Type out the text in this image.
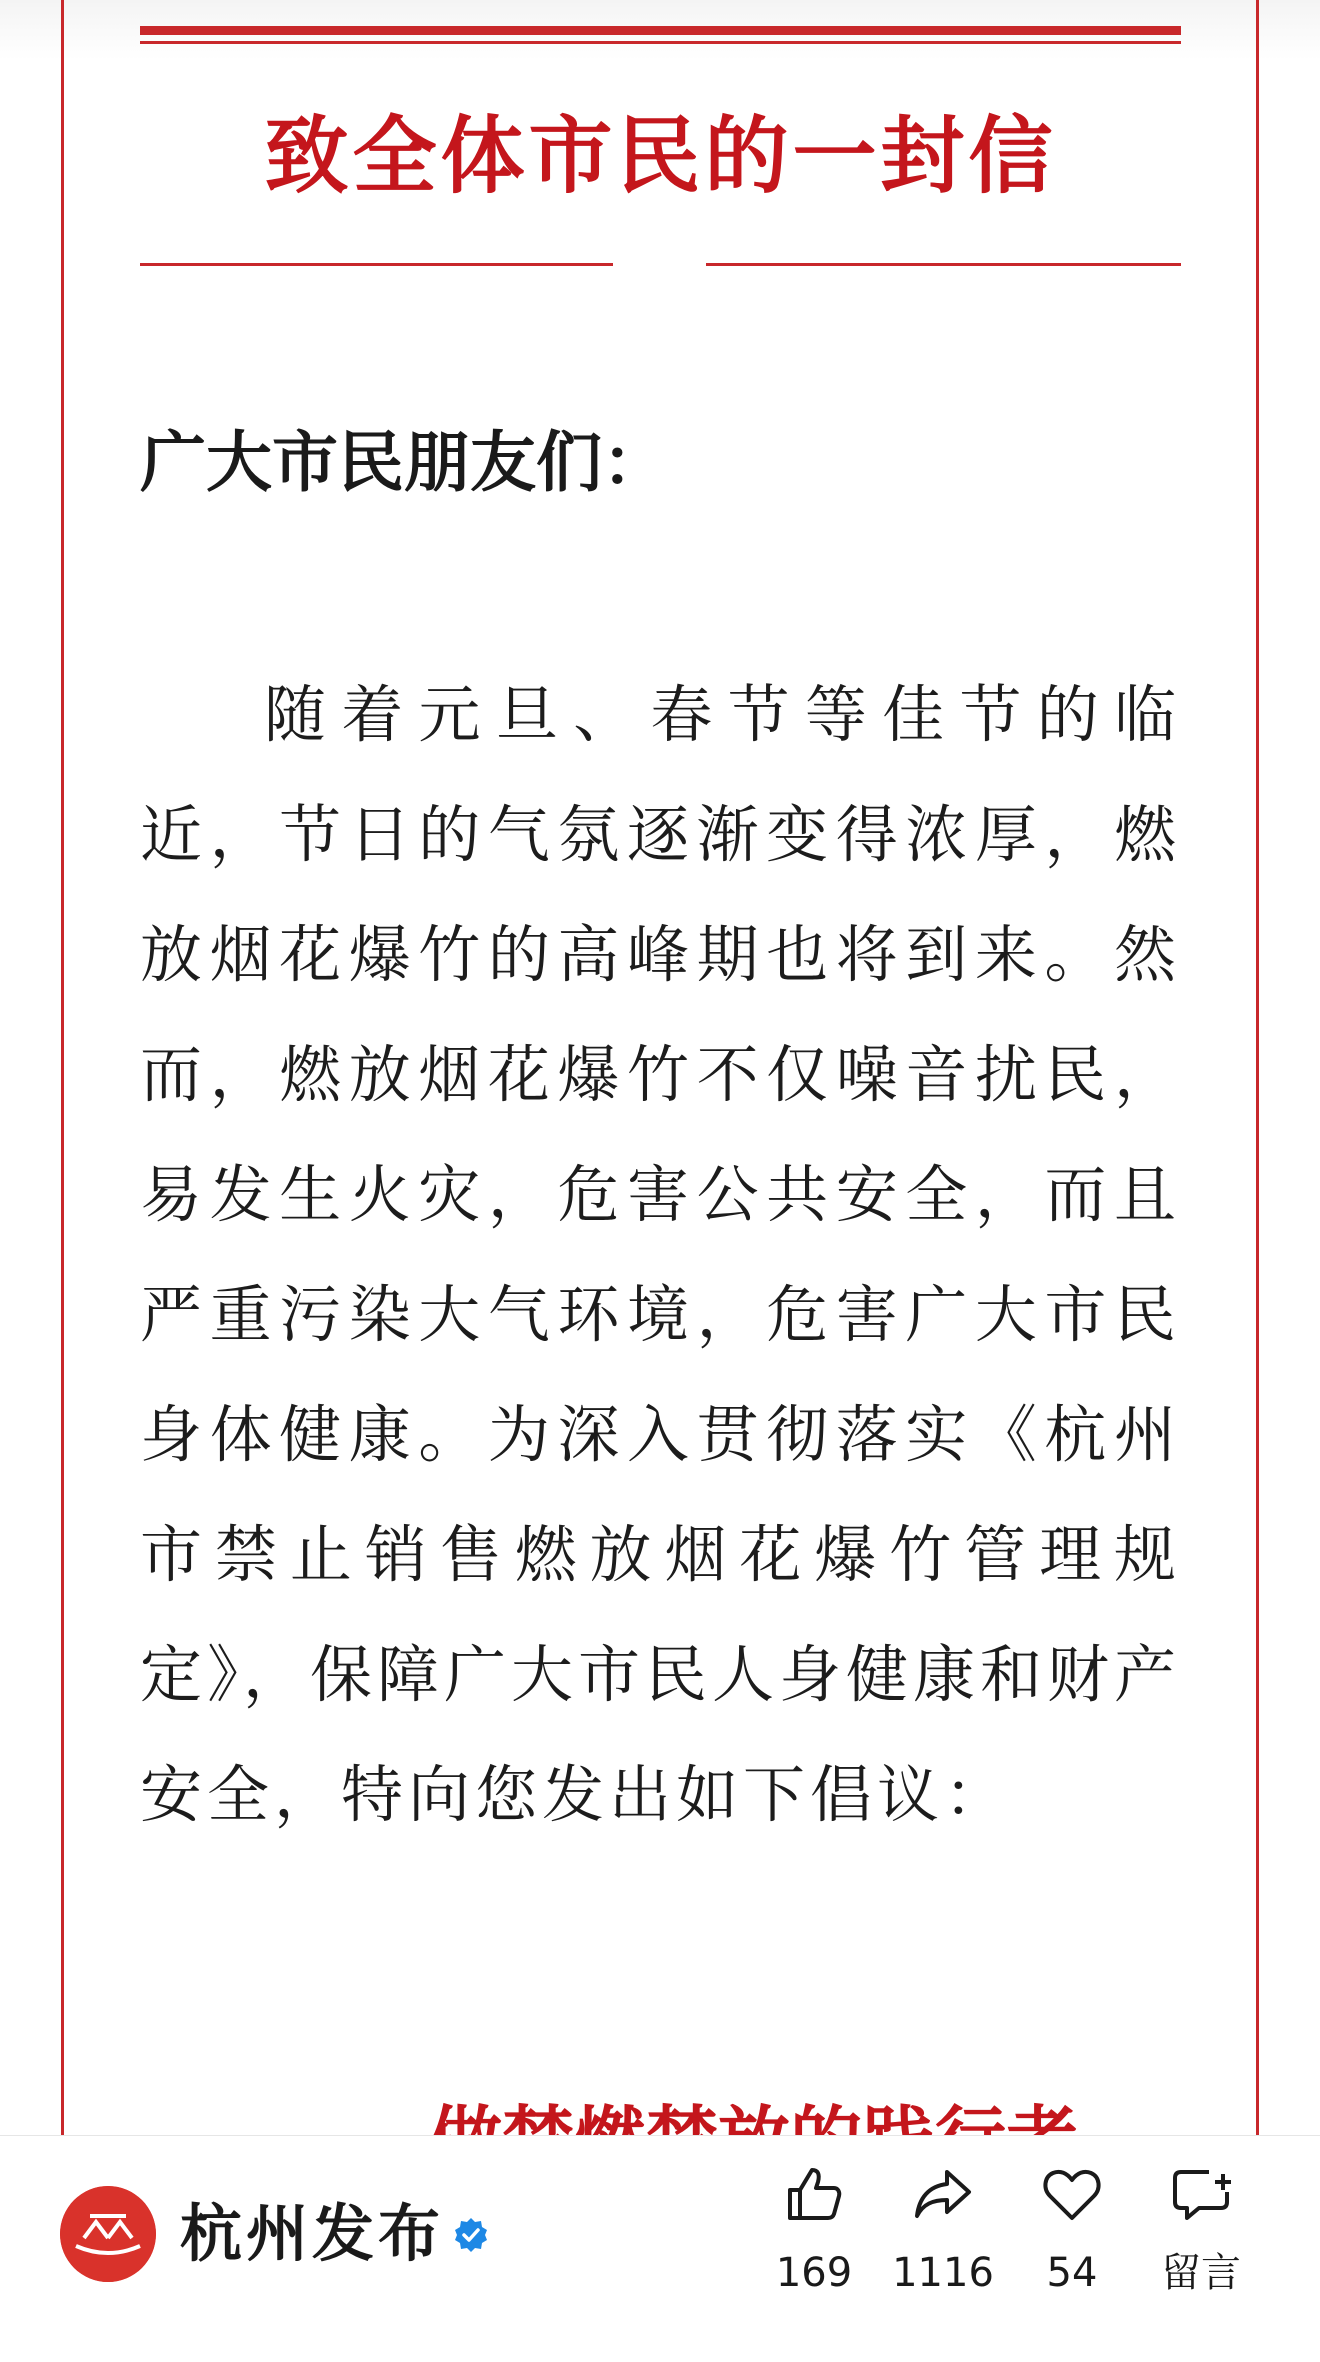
致全体市民的一封信
广大市民朋友们：
随着元旦、春节等佳节的临近，节日的气氛逐渐变得浓厚，燃放烟花爆竹的高峰期也将到来。然而，燃放烟花爆竹不仅噪音扰民，易发生火灾，危害公共安全，而且严重污染大气环境，危害广大市民身体健康。为深入贯彻落实《杭州市禁止销售燃放烟花爆竹管理规定》，保障广大市民人身健康和财产安全，特向您发出如下倡议：
杭州发布
169 1116	54	留言
